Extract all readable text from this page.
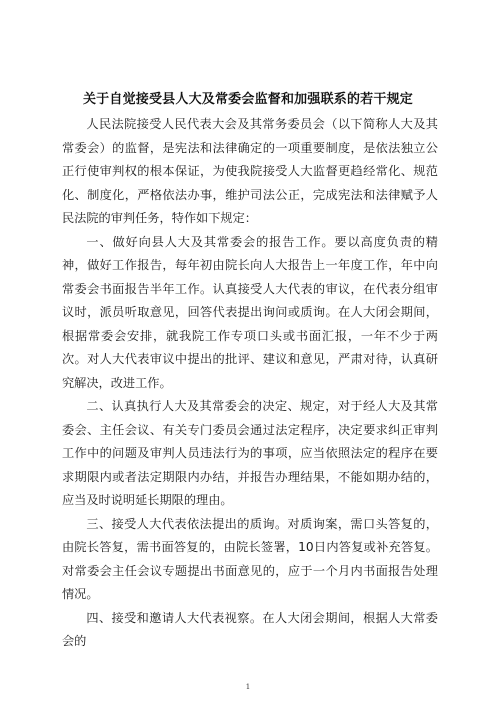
关于自觉接受县人大及常委会监督和加强联系的若干规定

人民法院接受人民代表大会及其常务委员会（以下简称人大及其常委会）的监督，是宪法和法律确定的一项重要制度，是依法独立公正行使审判权的根本保证，为使我院接受人大监督更趋经常化、规范化、制度化，严格依法办事，维护司法公正，完成宪法和法律赋予人民法院的审判任务，特作如下规定：

一、做好向县人大及其常委会的报告工作。要以高度负责的精神，做好工作报告，每年初由院长向人大报告上一年度工作，年中向常委会书面报告半年工作。认真接受人大代表的审议，在代表分组审议时，派员听取意见，回答代表提出询问或质询。在人大闭会期间，根据常委会安排，就我院工作专项口头或书面汇报，一年不少于两次。对人大代表审议中提出的批评、建议和意见，严肃对待，认真研究解决，改进工作。

二、认真执行人大及其常委会的决定、规定，对于经人大及其常委会、主任会议、有关专门委员会通过法定程序，决定要求纠正审判工作中的问题及审判人员违法行为的事项，应当依照法定的程序在要求期限内或者法定期限内办结，并报告办理结果，不能如期办结的，应当及时说明延长期限的理由。

三、接受人大代表依法提出的质询。对质询案，需口头答复的，由院长答复，需书面答复的，由院长签署，10日内答复或补充答复。对常委会主任会议专题提出书面意见的，应于一个月内书面报告处理情况。

四、接受和邀请人大代表视察。在人大闭会期间，根据人大常委会的

1
